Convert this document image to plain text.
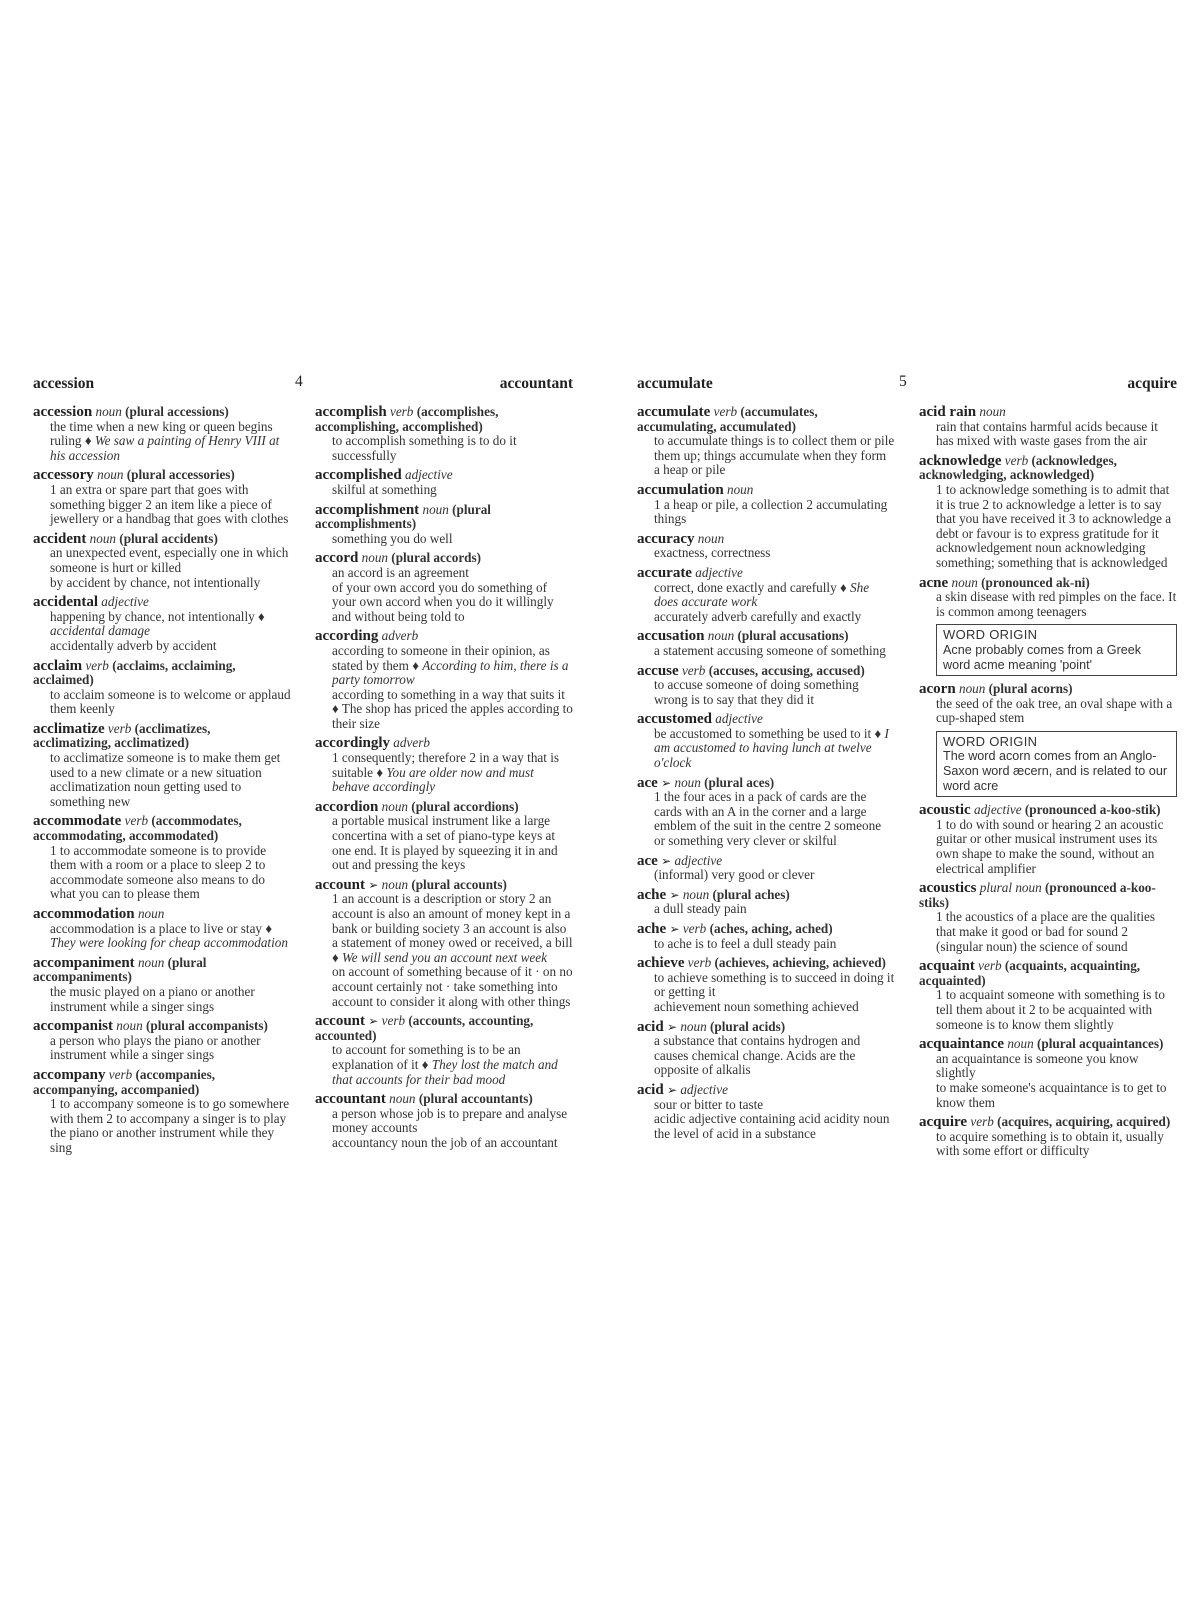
accession	4	accountant
accession noun (plural accessions)
the time when a new king or queen begins ruling ♦ We saw a painting of Henry VIII at his accession
accessory noun (plural accessories)
1 an extra or spare part that goes with something bigger 2 an item like a piece of jewellery or a handbag that goes with clothes
accident noun (plural accidents)
an unexpected event, especially one in which someone is hurt or killed
by accident by chance, not intentionally
accidental adjective
happening by chance, not intentionally ♦ accidental damage
accidentally adverb by accident
acclaim verb (acclaims, acclaiming, acclaimed)
to acclaim someone is to welcome or applaud them keenly
acclimatize verb (acclimatizes, acclimatizing, acclimatized)
to acclimatize someone is to make them get used to a new climate or a new situation
acclimatization noun getting used to something new
accommodate verb (accommodates, accommodating, accommodated)
1 to accommodate someone is to provide them with a room or a place to sleep 2 to accommodate someone also means to do what you can to please them
accommodation noun
accommodation is a place to live or stay ♦ They were looking for cheap accommodation
accompaniment noun (plural accompaniments)
the music played on a piano or another instrument while a singer sings
accompanist noun (plural accompanists)
a person who plays the piano or another instrument while a singer sings
accompany verb (accompanies, accompanying, accompanied)
1 to accompany someone is to go somewhere with them 2 to accompany a singer is to play the piano or another instrument while they sing
accomplish verb (accomplishes, accomplishing, accomplished)
to accomplish something is to do it successfully
accomplished adjective
skilful at something
accomplishment noun (plural accomplishments)
something you do well
accord noun (plural accords)
an accord is an agreement
of your own accord you do something of your own accord when you do it willingly and without being told to
according adverb
according to someone in their opinion, as stated by them ♦ According to him, there is a party tomorrow
according to something in a way that suits it ♦ The shop has priced the apples according to their size
accordingly adverb
1 consequently; therefore 2 in a way that is suitable ♦ You are older now and must behave accordingly
accordion noun (plural accordions)
a portable musical instrument like a large concertina with a set of piano-type keys at one end. It is played by squeezing it in and out and pressing the keys
account ➢ noun (plural accounts)
1 an account is a description or story 2 an account is also an amount of money kept in a bank or building society 3 an account is also a statement of money owed or received, a bill ♦ We will send you an account next week
on account of something because of it · on no account certainly not · take something into account to consider it along with other things
account ➢ verb (accounts, accounting, accounted)
to account for something is to be an explanation of it ♦ They lost the match and that accounts for their bad mood
accountant noun (plural accountants)
a person whose job is to prepare and analyse money accounts
accountancy noun the job of an accountant
accumulate	5	acquire
accumulate verb (accumulates, accumulating, accumulated)
to accumulate things is to collect them or pile them up; things accumulate when they form a heap or pile
accumulation noun
1 a heap or pile, a collection 2 accumulating things
accuracy noun
exactness, correctness
accurate adjective
correct, done exactly and carefully ♦ She does accurate work
accurately adverb carefully and exactly
accusation noun (plural accusations)
a statement accusing someone of something
accuse verb (accuses, accusing, accused)
to accuse someone of doing something wrong is to say that they did it
accustomed adjective
be accustomed to something be used to it ♦ I am accustomed to having lunch at twelve o'clock
ace ➢ noun (plural aces)
1 the four aces in a pack of cards are the cards with an A in the corner and a large emblem of the suit in the centre 2 someone or something very clever or skilful
ace ➢ adjective
(informal) very good or clever
ache ➢ noun (plural aches)
a dull steady pain
ache ➢ verb (aches, aching, ached)
to ache is to feel a dull steady pain
achieve verb (achieves, achieving, achieved)
to achieve something is to succeed in doing it or getting it
achievement noun something achieved
acid ➢ noun (plural acids)
a substance that contains hydrogen and causes chemical change. Acids are the opposite of alkalis
acid ➢ adjective
sour or bitter to taste
acidic adjective containing acid acidity noun the level of acid in a substance
acid rain noun
rain that contains harmful acids because it has mixed with waste gases from the air
acknowledge verb (acknowledges, acknowledging, acknowledged)
1 to acknowledge something is to admit that it is true 2 to acknowledge a letter is to say that you have received it 3 to acknowledge a debt or favour is to express gratitude for it
acknowledgement noun acknowledging something; something that is acknowledged
acne noun (pronounced ak-ni)
a skin disease with red pimples on the face. It is common among teenagers
WORD ORIGIN
Acne probably comes from a Greek word acme meaning 'point'
acorn noun (plural acorns)
the seed of the oak tree, an oval shape with a cup-shaped stem
WORD ORIGIN
The word acorn comes from an Anglo-Saxon word æcern, and is related to our word acre
acoustic adjective (pronounced a-koo-stik)
1 to do with sound or hearing 2 an acoustic guitar or other musical instrument uses its own shape to make the sound, without an electrical amplifier
acoustics plural noun (pronounced a-koo-stiks)
1 the acoustics of a place are the qualities that make it good or bad for sound 2 (singular noun) the science of sound
acquaint verb (acquaints, acquainting, acquainted)
1 to acquaint someone with something is to tell them about it 2 to be acquainted with someone is to know them slightly
acquaintance noun (plural acquaintances)
an acquaintance is someone you know slightly
to make someone's acquaintance is to get to know them
acquire verb (acquires, acquiring, acquired)
to acquire something is to obtain it, usually with some effort or difficulty
